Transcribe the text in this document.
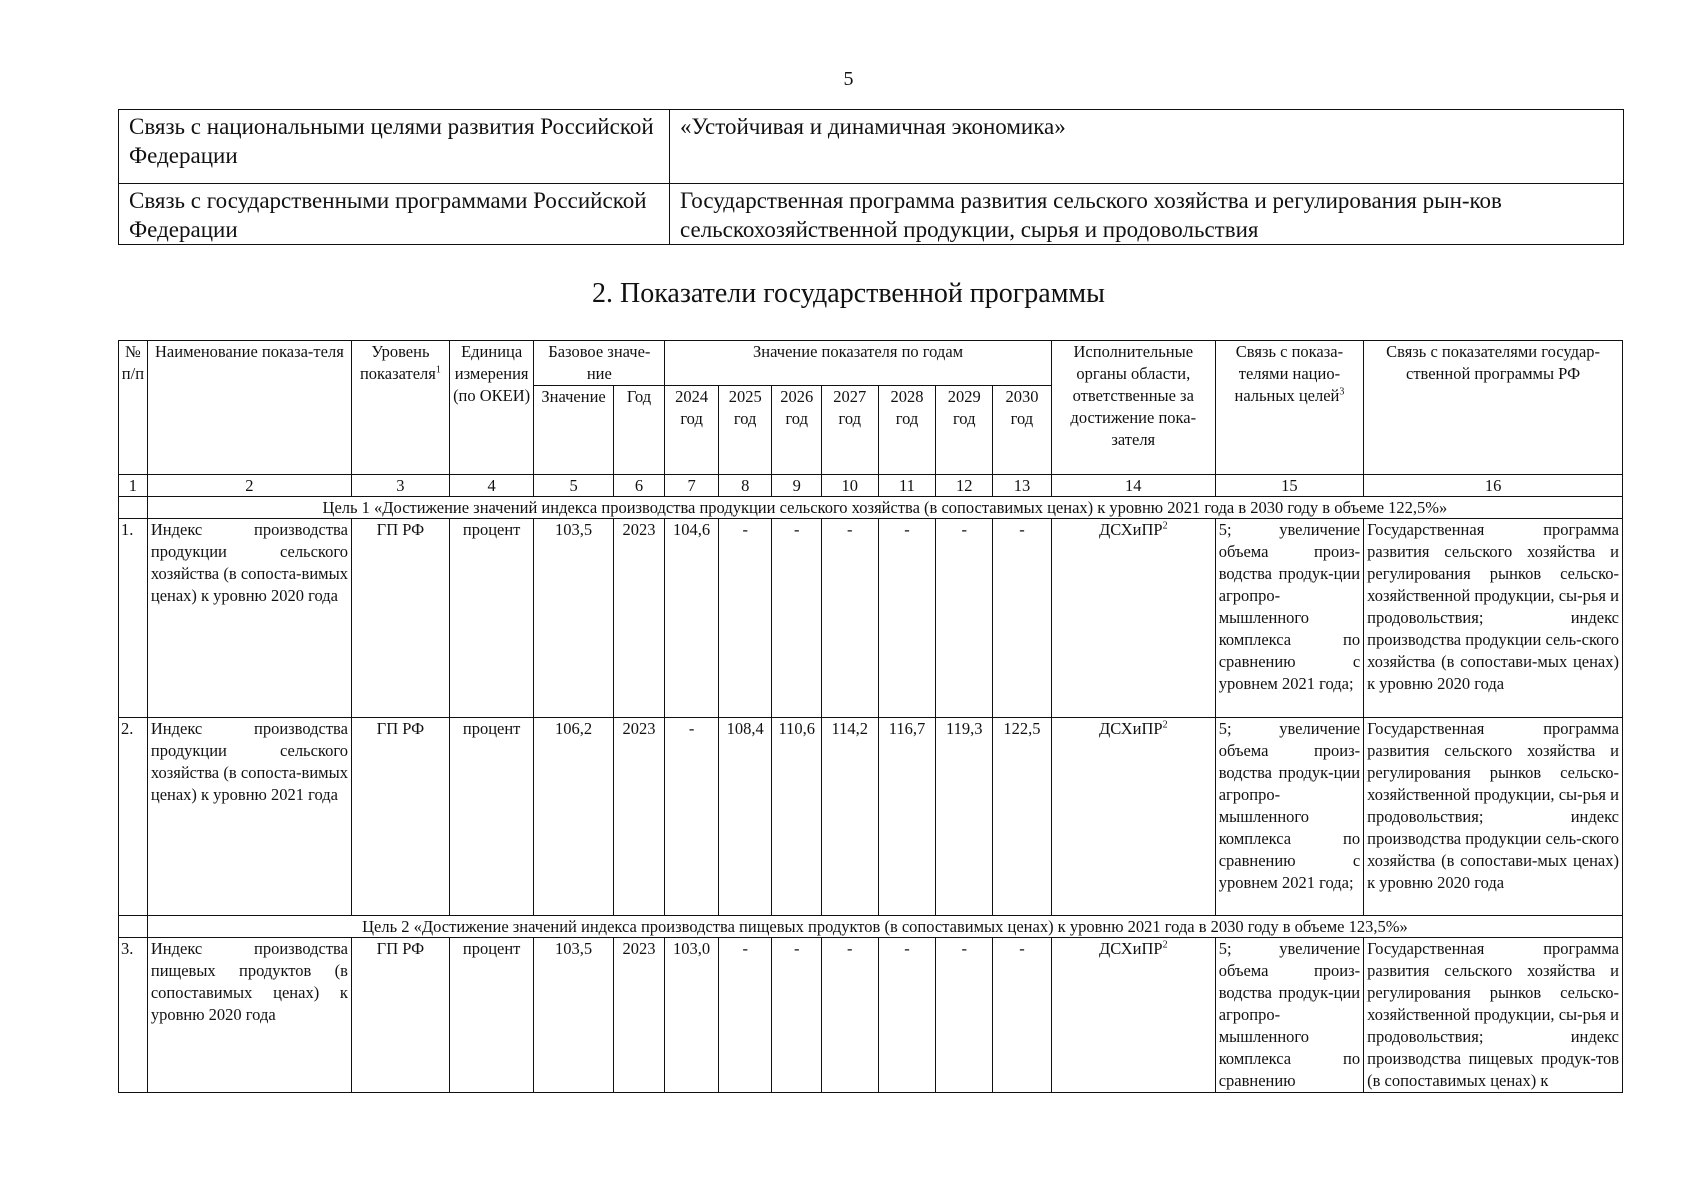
5
Связь с национальными целями развития Российской Федерации	«Устойчивая и динамичная экономика»
Связь с государственными программами Российской Федерации	Государственная программа развития сельского хозяйства и регулирования рын-ков сельскохозяйственной продукции, сырья и продовольствия
2. Показатели государственной программы
№ п/п	Наименование показа-теля	Уровень показателя$^1$	Единица измерения (по ОКЕИ)	Базовое значе-ние		Значение показателя по годам							Исполнительные органы области, ответственные за достижение пока-зателя	Связь с показа-телями нацио-нальных целей$^3$	Связь с показателями государ-ственной программы РФ
				Значение	Год	2024 год	2025 год	2026 год	2027 год	2028 год	2029 год	2030 год			
1	2	3	4	5	6	7	8	9	10	11	12	13	14	15	16
	Цель 1 «Достижение значений индекса производства продукции сельского хозяйства (в сопоставимых ценах) к уровню 2021 года в 2030 году в объеме 122,5%»														
1.	Индекс производства продукции сельского хозяйства (в сопоста-вимых ценах) к уровню 2020 года	ГП РФ	процент	103,5	2023	104,6	-	-	-	-	-	-	ДСХиПР$^2$	5; увеличение объема произ-водства продук-ции агропро-мышленного комплекса по сравнению с уровнем 2021 года;	Государственная программа развития сельского хозяйства и регулирования рынков сельско-хозяйственной продукции, сы-рья и продовольствия; индекс производства продукции сель-ского хозяйства (в сопостави-мых ценах) к уровню 2020 года
2.	Индекс производства продукции сельского хозяйства (в сопоста-вимых ценах) к уровню 2021 года	ГП РФ	процент	106,2	2023	-	108,4	110,6	114,2	116,7	119,3	122,5	ДСХиПР$^2$	5; увеличение объема произ-водства продук-ции агропро-мышленного комплекса по сравнению с уровнем 2021 года;	Государственная программа развития сельского хозяйства и регулирования рынков сельско-хозяйственной продукции, сы-рья и продовольствия; индекс производства продукции сель-ского хозяйства (в сопостави-мых ценах) к уровню 2020 года
	Цель 2 «Достижение значений индекса производства пищевых продуктов (в сопоставимых ценах) к уровню 2021 года в 2030 году в объеме 123,5%»														
3.	Индекс производства пищевых продуктов (в сопоставимых ценах) к уровню 2020 года	ГП РФ	процент	103,5	2023	103,0	-	-	-	-	-	-	ДСХиПР$^2$	5; увеличение объема произ-водства продук-ции агропро-мышленного комплекса по сравнению	Государственная программа развития сельского хозяйства и регулирования рынков сельско-хозяйственной продукции, сы-рья и продовольствия; индекс производства пищевых продук-тов (в сопоставимых ценах) к
